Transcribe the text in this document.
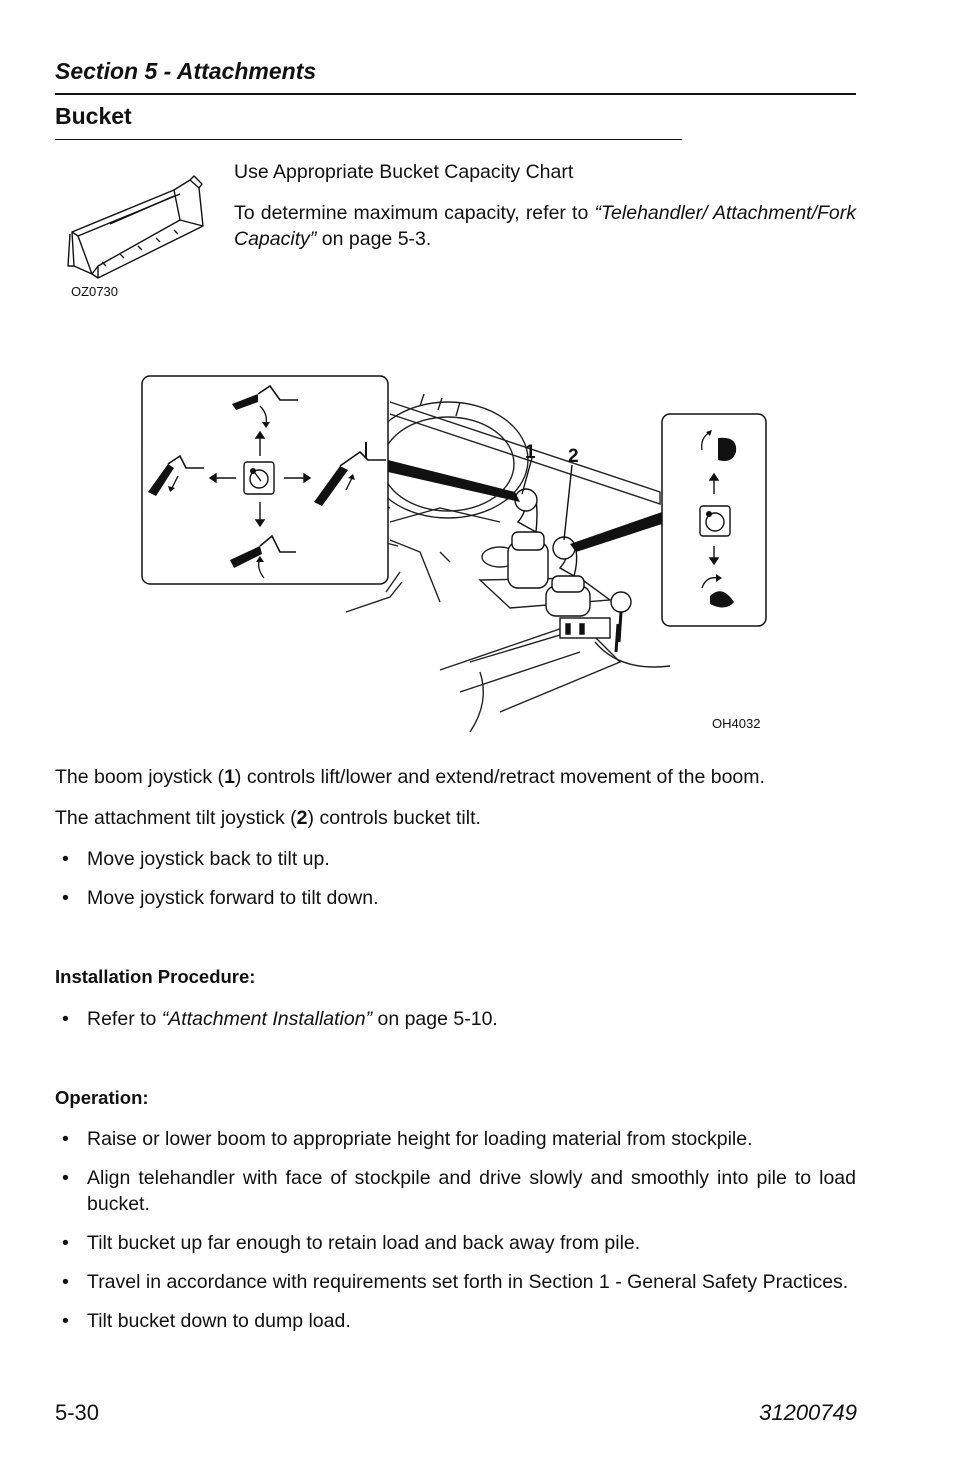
Section 5 - Attachments
Bucket
OZ0730
Use Appropriate Bucket Capacity Chart
To determine maximum capacity, refer to “Telehandler/ Attachment/Fork Capacity” on page 5-3.
1 2
OH4032
The boom joystick (1) controls lift/lower and extend/retract movement of the boom.
The attachment tilt joystick (2) controls bucket tilt.
• Move joystick back to tilt up.
• Move joystick forward to tilt down.
Installation Procedure:
• Refer to “Attachment Installation” on page 5-10.
Operation:
• Raise or lower boom to appropriate height for loading material from stockpile.
• Align telehandler with face of stockpile and drive slowly and smoothly into pile to load bucket.
• Tilt bucket up far enough to retain load and back away from pile.
• Travel in accordance with requirements set forth in Section 1 - General Safety Practices.
• Tilt bucket down to dump load.
5-30	31200749
